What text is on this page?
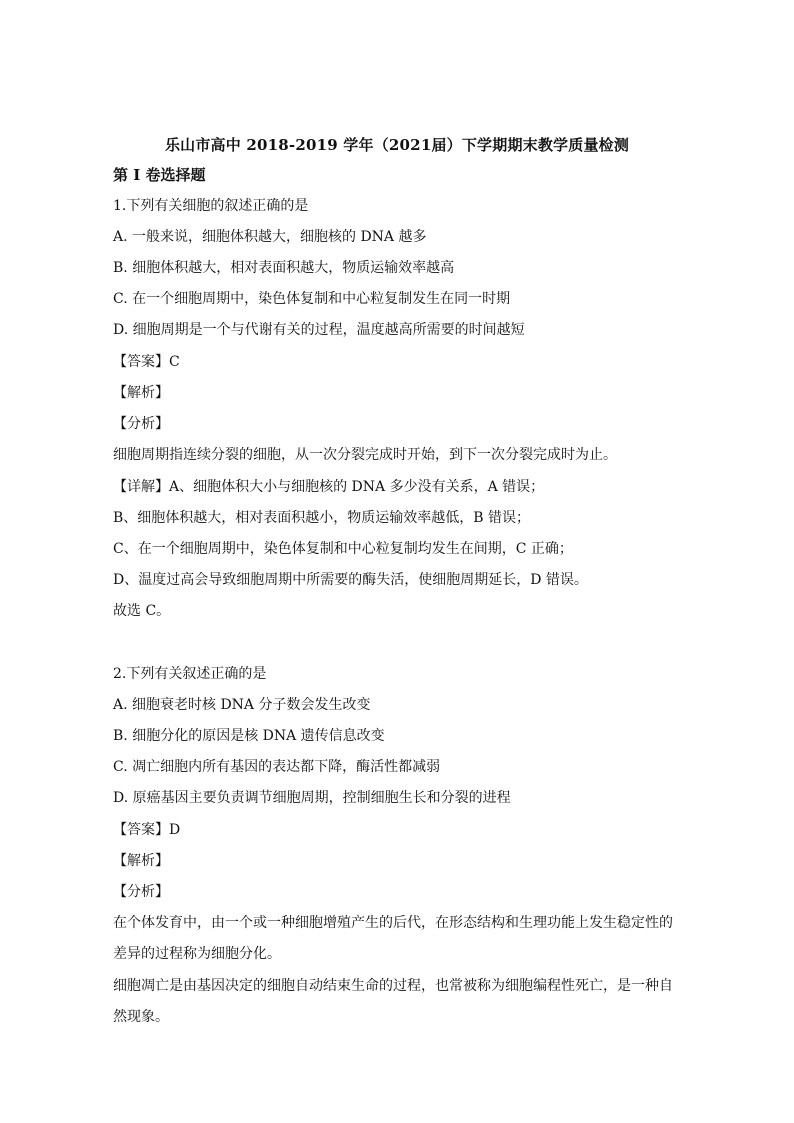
乐山市高中 2018-2019 学年（2021届）下学期期末教学质量检测
第 I 卷选择题
1.下列有关细胞的叙述正确的是
A. 一般来说，细胞体积越大，细胞核的 DNA 越多
B. 细胞体积越大，相对表面积越大，物质运输效率越高
C. 在一个细胞周期中，染色体复制和中心粒复制发生在同一时期
D. 细胞周期是一个与代谢有关的过程，温度越高所需要的时间越短
【答案】C
【解析】
【分析】
细胞周期指连续分裂的细胞，从一次分裂完成时开始，到下一次分裂完成时为止。
【详解】A、细胞体积大小与细胞核的 DNA 多少没有关系，A 错误；
B、细胞体积越大，相对表面积越小，物质运输效率越低，B 错误；
C、在一个细胞周期中，染色体复制和中心粒复制均发生在间期，C 正确；
D、温度过高会导致细胞周期中所需要的酶失活，使细胞周期延长，D 错误。
故选 C。
2.下列有关叙述正确的是
A. 细胞衰老时核 DNA 分子数会发生改变
B. 细胞分化的原因是核 DNA 遗传信息改变
C. 凋亡细胞内所有基因的表达都下降，酶活性都减弱
D. 原癌基因主要负责调节细胞周期，控制细胞生长和分裂的进程
【答案】D
【解析】
【分析】
在个体发育中，由一个或一种细胞增殖产生的后代，在形态结构和生理功能上发生稳定性的
差异的过程称为细胞分化。
细胞凋亡是由基因决定的细胞自动结束生命的过程，也常被称为细胞编程性死亡，是一种自
然现象。
